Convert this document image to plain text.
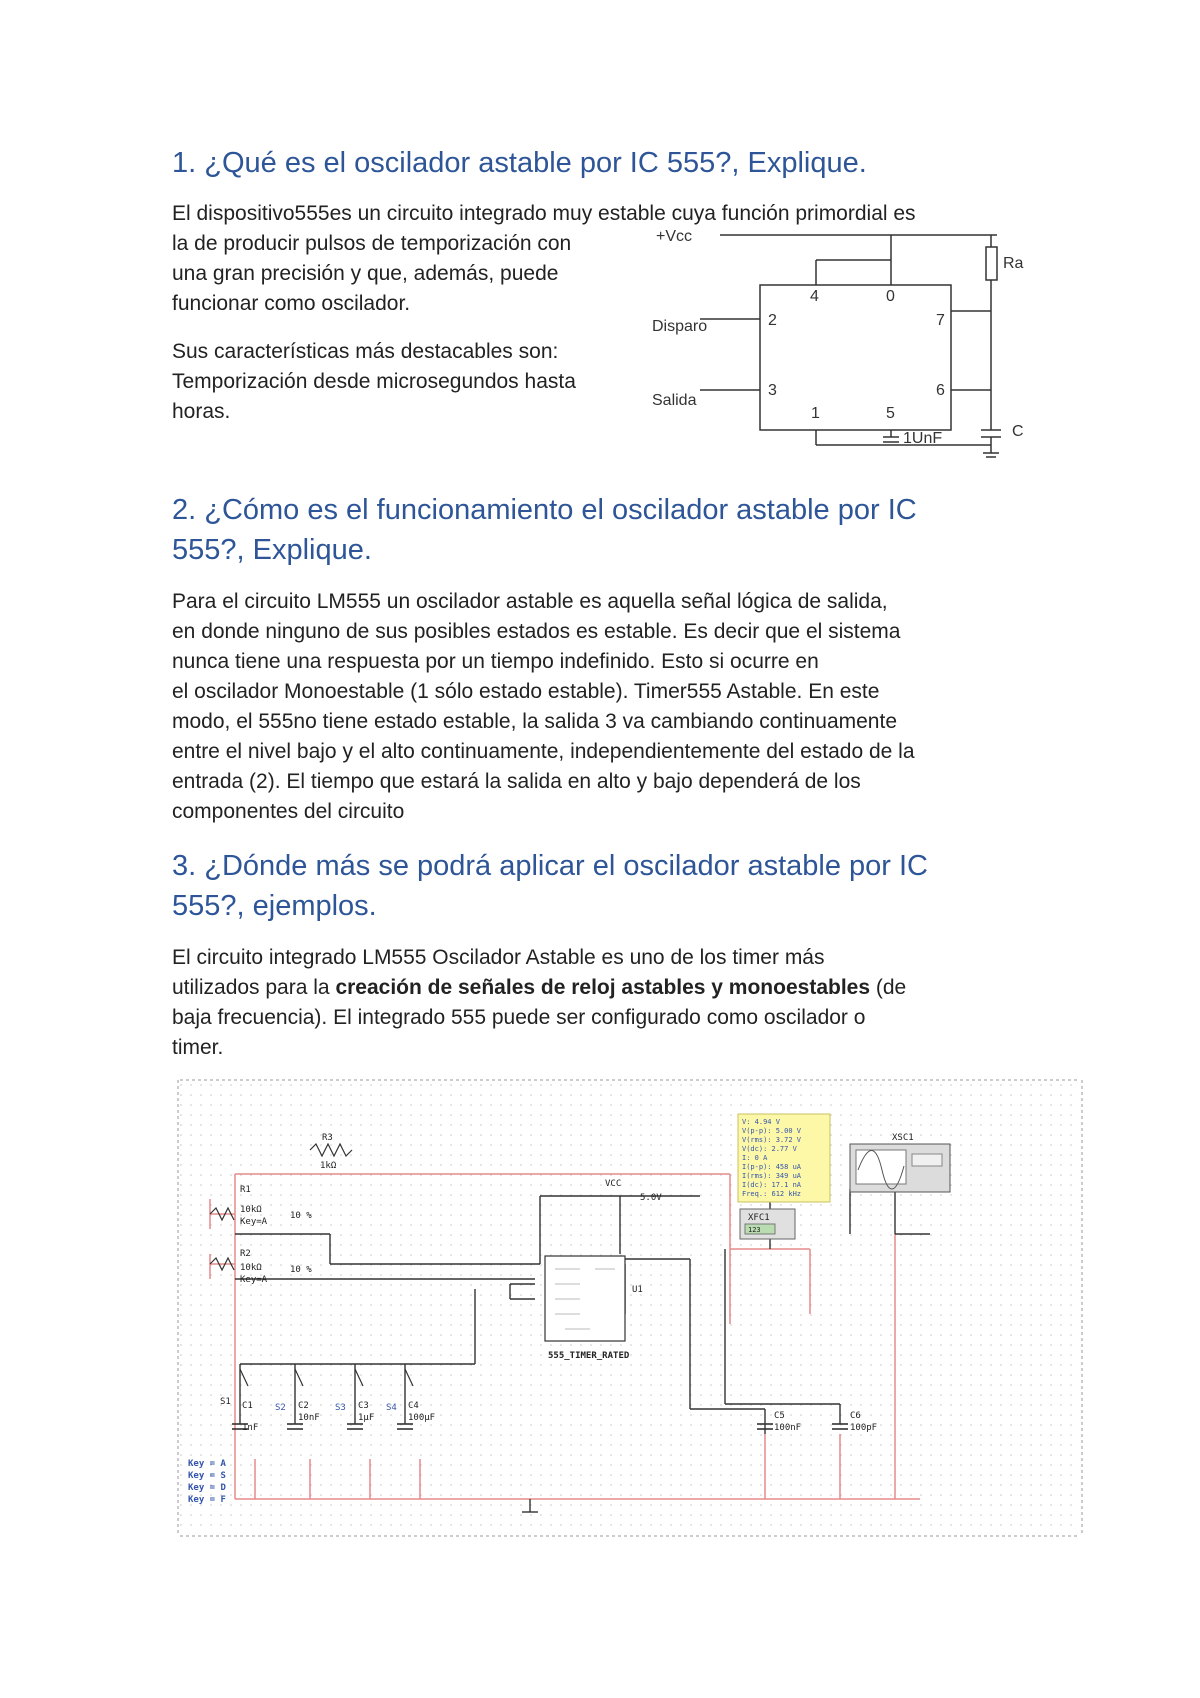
1. ¿Qué es el oscilador astable por IC 555?, Explique.

El dispositivo555es un circuito integrado muy estable cuya función primordial es

la de producir pulsos de temporización con

una gran precisión y que, además, puede

funcionar como oscilador.

Sus características más destacables son:

Temporización desde microsegundos hasta

horas.

+Vcc
Ra
Disparo
Salida
4	0
2	7
3	6
1	5
1UnF	C
2. ¿Cómo es el funcionamiento el oscilador astable por IC
555?, Explique.

Para el circuito LM555 un oscilador astable es aquella señal lógica de salida,

en donde ninguno de sus posibles estados es estable. Es decir que el sistema

nunca tiene una respuesta por un tiempo indefinido. Esto si ocurre en

el oscilador Monoestable (1 sólo estado estable). Timer555 Astable. En este

modo, el 555no tiene estado estable, la salida 3 va cambiando continuamente

entre el nivel bajo y el alto continuamente, independientemente del estado de la

entrada (2). El tiempo que estará la salida en alto y bajo dependerá de los

componentes del circuito

3. ¿Dónde más se podrá aplicar el oscilador astable por IC
555?, ejemplos.

El circuito integrado LM555 Oscilador Astable es uno de los timer más

utilizados para la creación de señales de reloj astables y monoestables (de

baja frecuencia). El integrado 555 puede ser configurado como oscilador o

timer.

R3
1kΩ
R1
10kΩ
Key=A
10 %
R2
10kΩ
Key=A
10 %
VCC
5.0V
U1
555_TIMER_RATED
V: 4.94 V
V(p-p): 5.00 V
V(rms): 3.72 V
V(dc): 2.77 V
I: 0 A
I(p-p): 458 uA
I(rms): 349 uA
I(dc): 17.1 nA
Freq.: 612 kHz
XFC1
123
XSC1
S1
S2	S3	S4
C1
1nF
C2
10nF
C3
1µF
C4
100µF	C5
100nF
C6
100pF
Key = A
Key = S
Key = D
Key = F
